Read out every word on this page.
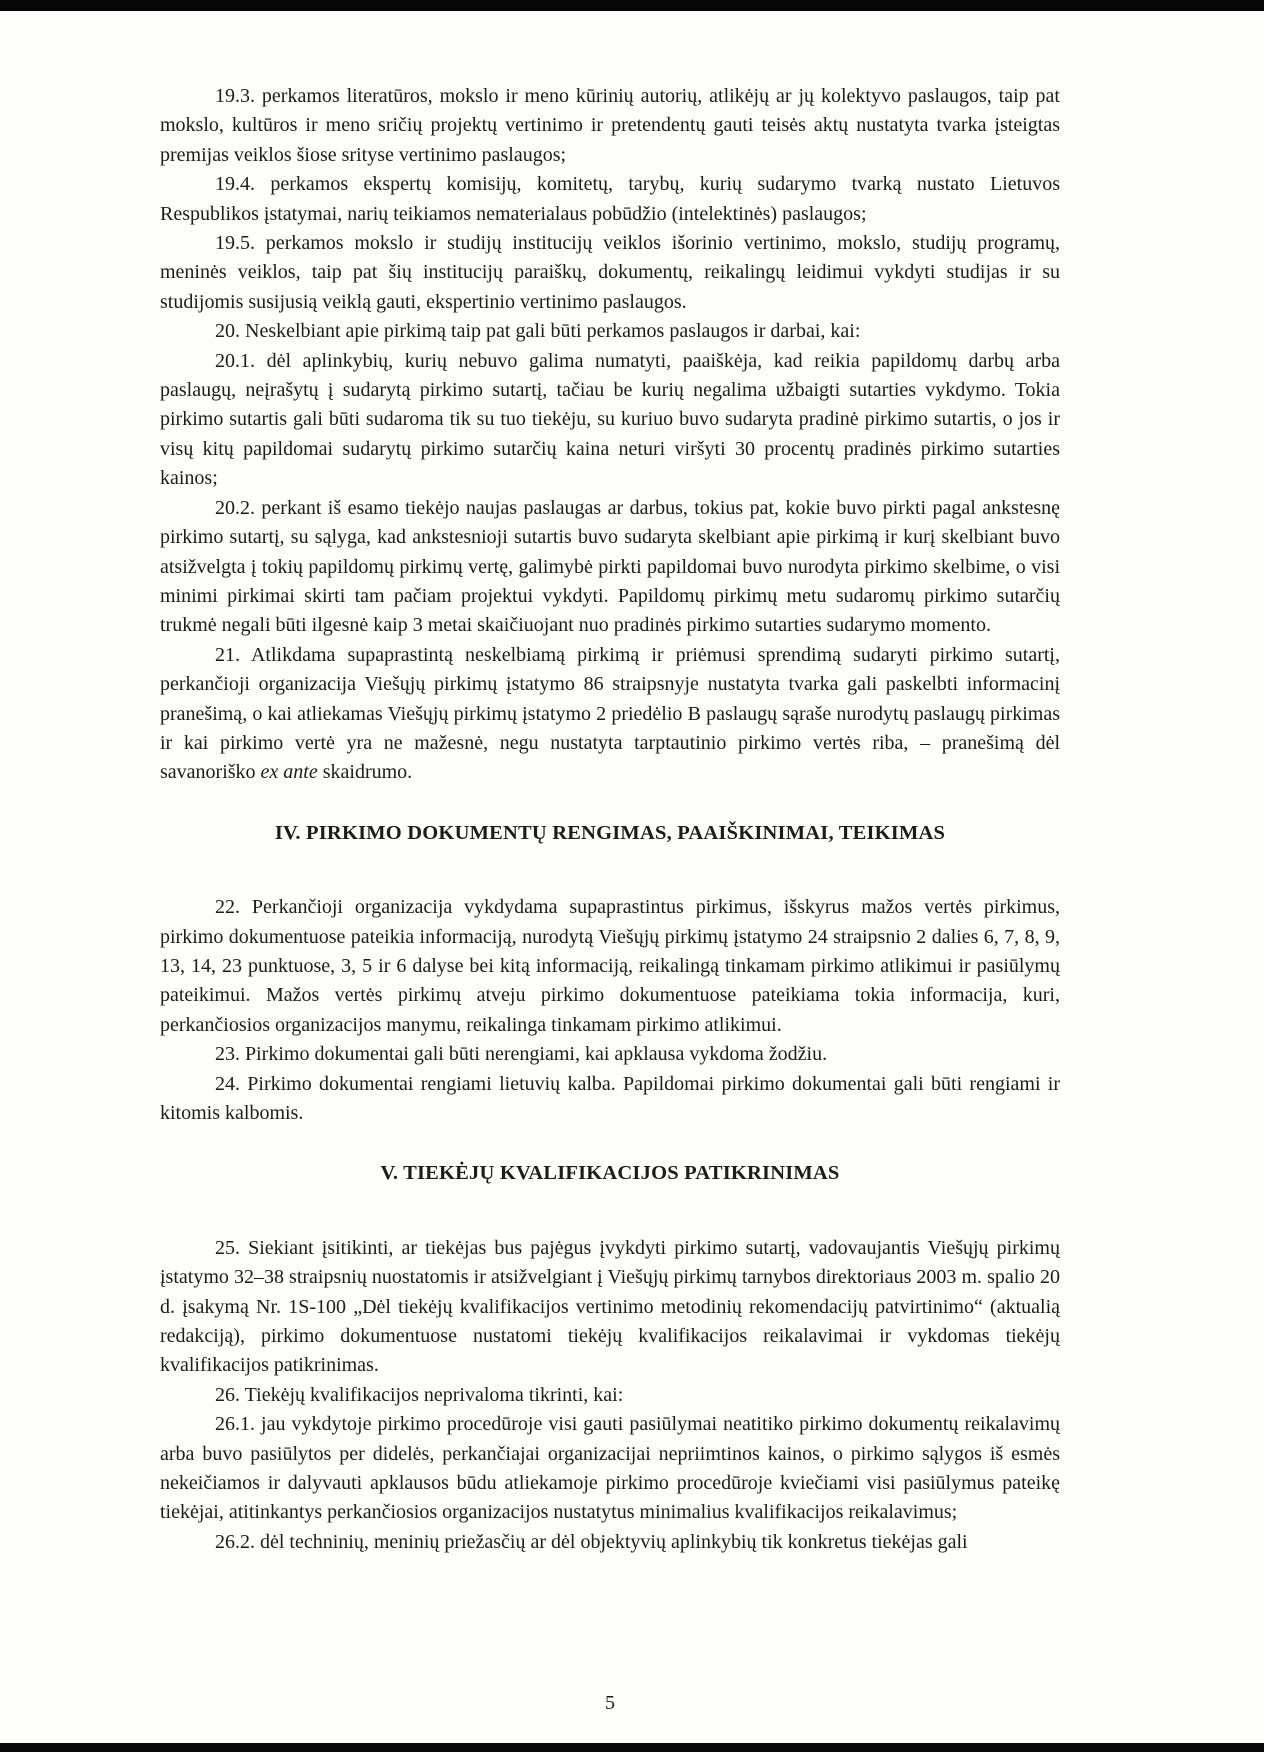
19.3. perkamos literatūros, mokslo ir meno kūrinių autorių, atlikėjų ar jų kolektyvo paslaugos, taip pat mokslo, kultūros ir meno sričių projektų vertinimo ir pretendentų gauti teisės aktų nustatyta tvarka įsteigtas premijas veiklos šiose srityse vertinimo paslaugos;

19.4. perkamos ekspertų komisijų, komitetų, tarybų, kurių sudarymo tvarką nustato Lietuvos Respublikos įstatymai, narių teikiamos nematerialaus pobūdžio (intelektinės) paslaugos;

19.5. perkamos mokslo ir studijų institucijų veiklos išorinio vertinimo, mokslo, studijų programų, meninės veiklos, taip pat šių institucijų paraiškų, dokumentų, reikalingų leidimui vykdyti studijas ir su studijomis susijusią veiklą gauti, ekspertinio vertinimo paslaugos.

20. Neskelbiant apie pirkimą taip pat gali būti perkamos paslaugos ir darbai, kai:

20.1. dėl aplinkybių, kurių nebuvo galima numatyti, paaiškėja, kad reikia papildomų darbų arba paslaugų, neįrašytų į sudarytą pirkimo sutartį, tačiau be kurių negalima užbaigti sutarties vykdymo. Tokia pirkimo sutartis gali būti sudaroma tik su tuo tiekėju, su kuriuo buvo sudaryta pradinė pirkimo sutartis, o jos ir visų kitų papildomai sudarytų pirkimo sutarčių kaina neturi viršyti 30 procentų pradinės pirkimo sutarties kainos;

20.2. perkant iš esamo tiekėjo naujas paslaugas ar darbus, tokius pat, kokie buvo pirkti pagal ankstesnę pirkimo sutartį, su sąlyga, kad ankstesnioji sutartis buvo sudaryta skelbiant apie pirkimą ir kurį skelbiant buvo atsižvelgta į tokių papildomų pirkimų vertę, galimybė pirkti papildomai buvo nurodyta pirkimo skelbime, o visi minimi pirkimai skirti tam pačiam projektui vykdyti. Papildomų pirkimų metu sudaromų pirkimo sutarčių trukmė negali būti ilgesnė kaip 3 metai skaičiuojant nuo pradinės pirkimo sutarties sudarymo momento.

21. Atlikdama supaprastintą neskelbiamą pirkimą ir priėmusi sprendimą sudaryti pirkimo sutartį, perkančioji organizacija Viešųjų pirkimų įstatymo 86 straipsnyje nustatyta tvarka gali paskelbti informacinį pranešimą, o kai atliekamas Viešųjų pirkimų įstatymo 2 priedėlio B paslaugų sąraše nurodytų paslaugų pirkimas ir kai pirkimo vertė yra ne mažesnė, negu nustatyta tarptautinio pirkimo vertės riba, – pranešimą dėl savanoriško ex ante skaidrumo.

IV. PIRKIMO DOKUMENTŲ RENGIMAS, PAAIŠKINIMAI, TEIKIMAS

22. Perkančioji organizacija vykdydama supaprastintus pirkimus, išskyrus mažos vertės pirkimus, pirkimo dokumentuose pateikia informaciją, nurodytą Viešųjų pirkimų įstatymo 24 straipsnio 2 dalies 6, 7, 8, 9, 13, 14, 23 punktuose, 3, 5 ir 6 dalyse bei kitą informaciją, reikalingą tinkamam pirkimo atlikimui ir pasiūlymų pateikimui. Mažos vertės pirkimų atveju pirkimo dokumentuose pateikiama tokia informacija, kuri, perkančiosios organizacijos manymu, reikalinga tinkamam pirkimo atlikimui.

23. Pirkimo dokumentai gali būti nerengiami, kai apklausa vykdoma žodžiu.

24. Pirkimo dokumentai rengiami lietuvių kalba. Papildomai pirkimo dokumentai gali būti rengiami ir kitomis kalbomis.

V. TIEKĖJŲ KVALIFIKACIJOS PATIKRINIMAS

25. Siekiant įsitikinti, ar tiekėjas bus pajėgus įvykdyti pirkimo sutartį, vadovaujantis Viešųjų pirkimų įstatymo 32–38 straipsnių nuostatomis ir atsižvelgiant į Viešųjų pirkimų tarnybos direktoriaus 2003 m. spalio 20 d. įsakymą Nr. 1S-100 „Dėl tiekėjų kvalifikacijos vertinimo metodinių rekomendacijų patvirtinimo“ (aktualią redakciją), pirkimo dokumentuose nustatomi tiekėjų kvalifikacijos reikalavimai ir vykdomas tiekėjų kvalifikacijos patikrinimas.

26. Tiekėjų kvalifikacijos neprivaloma tikrinti, kai:

26.1. jau vykdytoje pirkimo procedūroje visi gauti pasiūlymai neatitiko pirkimo dokumentų reikalavimų arba buvo pasiūlytos per didelės, perkančiajai organizacijai nepriimtinos kainos, o pirkimo sąlygos iš esmės nekeičiamos ir dalyvauti apklausos būdu atliekamoje pirkimo procedūroje kviečiami visi pasiūlymus pateikę tiekėjai, atitinkantys perkančiosios organizacijos nustatytus minimalius kvalifikacijos reikalavimus;

26.2. dėl techninių, meninių priežasčių ar dėl objektyvių aplinkybių tik konkretus tiekėjas gali

5
